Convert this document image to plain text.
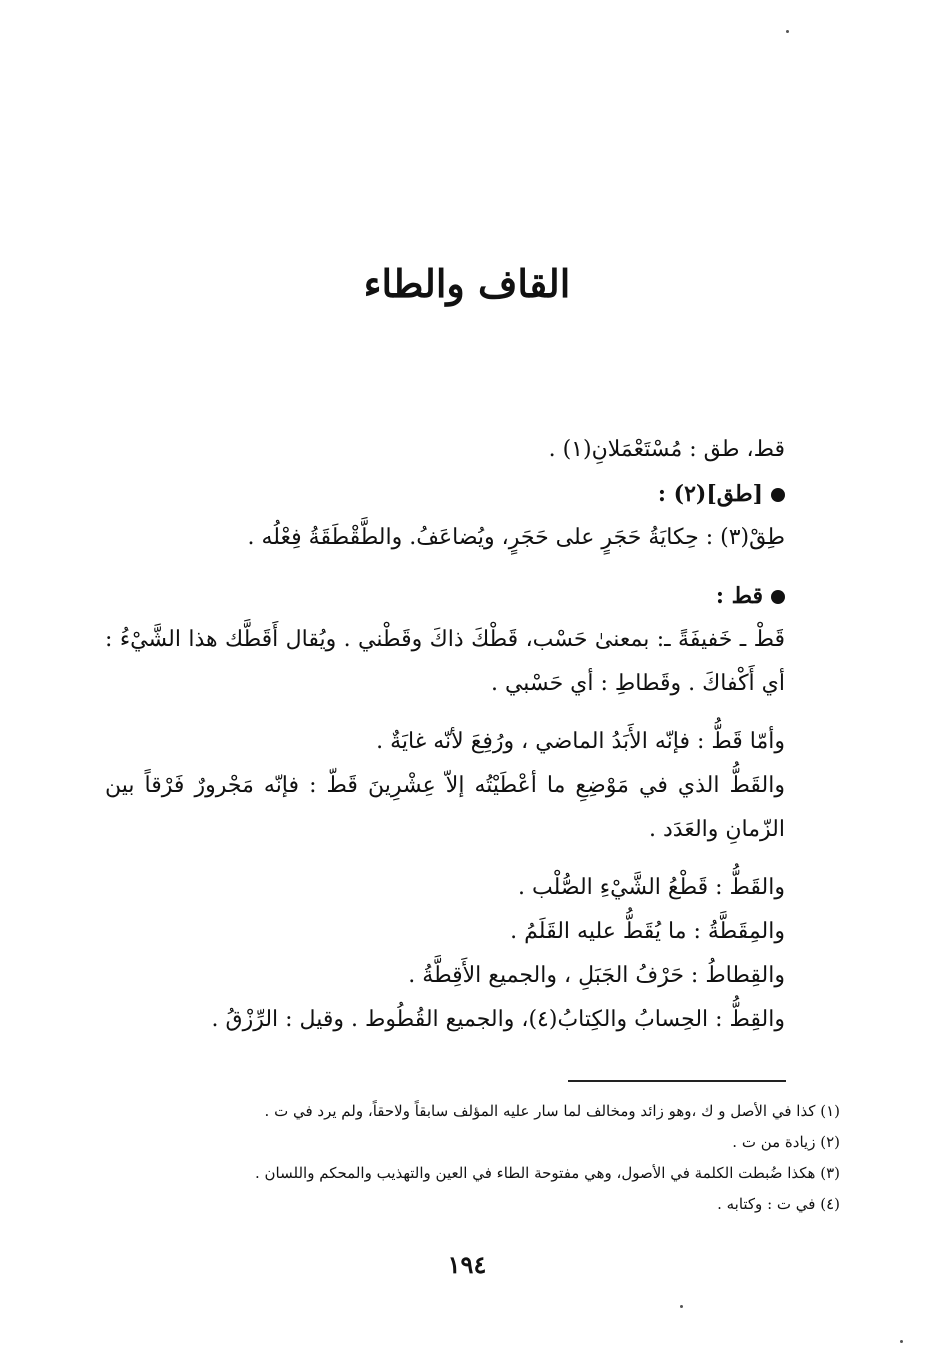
القاف والطاء

قط، طق : مُسْتَعْمَلانِ(١) .

[طق](٢) :

طِقْ(٣) : حِكايَةُ حَجَرٍ على حَجَرٍ، ويُضاعَفُ. والطَّقْطَقَةُ فِعْلُه .

قط :

قَطْ ـ خَفيفَةً ـ: بمعنىٰ حَسْب، قَطْكَ ذاكَ وقَطْني . ويُقال أَقَطَّك هذا الشَّيْءُ : أي أَكْفاكَ . وقَطاطِ : أي حَسْبي .

وأمّا قَطُّ : فإنّه الأَبَدُ الماضي ، ورُفِعَ لأنّه غايَةٌ .

والقَطُّ الذي في مَوْضِعِ ما أعْطَيْتُه إلاّ عِشْرِينَ قَطّ : فإنّه مَجْرورٌ فَرْقاً بين الزّمانِ والعَدَد .

والقَطُّ : قَطْعُ الشَّيْءِ الصُّلْب .

والمِقَطَّةُ : ما يُقَطُّ عليه القَلَمُ .

والقِطاطُ : حَرْفُ الجَبَلِ ، والجميع الأَقِطَّةُ .

والقِطُّ : الحِسابُ والكِتابُ(٤)، والجميع القُطُوط . وقيل : الرِّزْقُ .

(١) كذا في الأصل و ك ،وهو زائد ومخالف لما سار عليه المؤلف سابقاً ولاحقاً، ولم يرد في ت .

(٢) زيادة من ت .

(٣) هكذا ضُبطت الكلمة في الأصول، وهي مفتوحة الطاء في العين والتهذيب والمحكم واللسان .

(٤) في ت : وكتابه .

١٩٤
